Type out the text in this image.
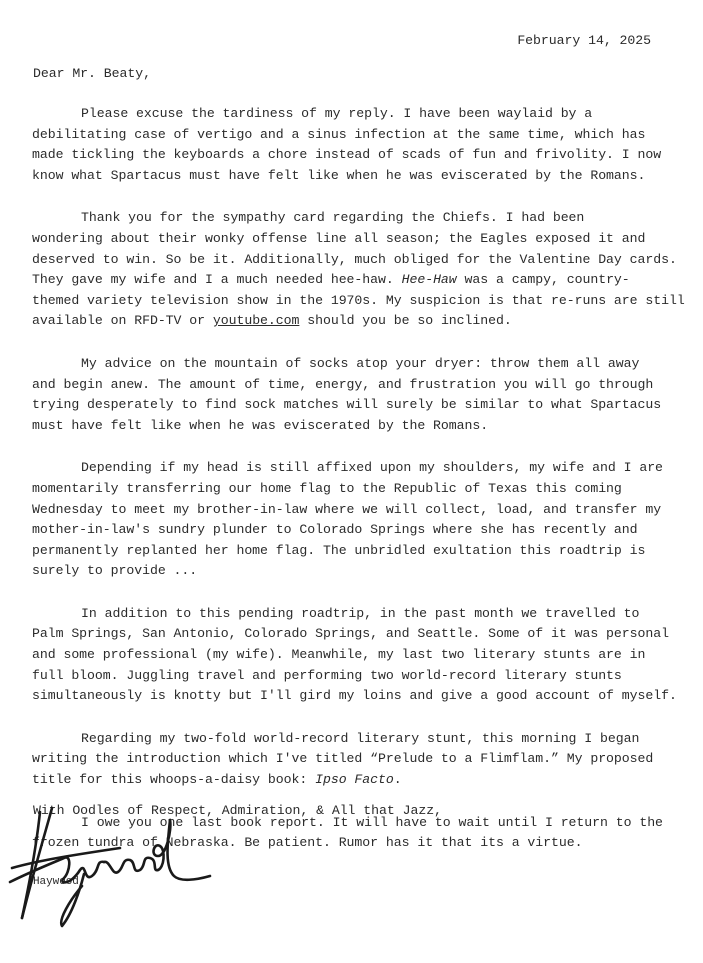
February 14, 2025
Dear Mr. Beaty,

Please excuse the tardiness of my reply. I have been waylaid by a
debilitating case of vertigo and a sinus infection at the same time, which has
made tickling the keyboards a chore instead of scads of fun and frivolity. I now
know what Spartacus must have felt like when he was eviscerated by the Romans.

Thank you for the sympathy card regarding the Chiefs. I had been
wondering about their wonky offense line all season; the Eagles exposed it and
deserved to win. So be it. Additionally, much obliged for the Valentine Day cards.
They gave my wife and I a much needed hee-haw. Hee-Haw was a campy, country-
themed variety television show in the 1970s. My suspicion is that re-runs are still
available on RFD-TV or youtube.com should you be so inclined.

My advice on the mountain of socks atop your dryer: throw them all away
and begin anew. The amount of time, energy, and frustration you will go through
trying desperately to find sock matches will surely be similar to what Spartacus
must have felt like when he was eviscerated by the Romans.

Depending if my head is still affixed upon my shoulders, my wife and I are
momentarily transferring our home flag to the Republic of Texas this coming
Wednesday to meet my brother-in-law where we will collect, load, and transfer my
mother-in-law's sundry plunder to Colorado Springs where she has recently and
permanently replanted her home flag. The unbridled exultation this roadtrip is
surely to provide ...

In addition to this pending roadtrip, in the past month we travelled to
Palm Springs, San Antonio, Colorado Springs, and Seattle. Some of it was personal
and some professional (my wife). Meanwhile, my last two literary stunts are in
full bloom. Juggling travel and performing two world-record literary stunts
simultaneously is knotty but I'll gird my loins and give a good account of myself.

Regarding my two-fold world-record literary stunt, this morning I began
writing the introduction which I've titled “Prelude to a Flimflam.” My proposed
title for this whoops-a-daisy book: Ipso Facto.

I owe you one last book report. It will have to wait until I return to the
frozen tundra of Nebraska. Be patient. Rumor has it that its a virtue.

With Oodles of Respect, Admiration, & All that Jazz,
Haywood
